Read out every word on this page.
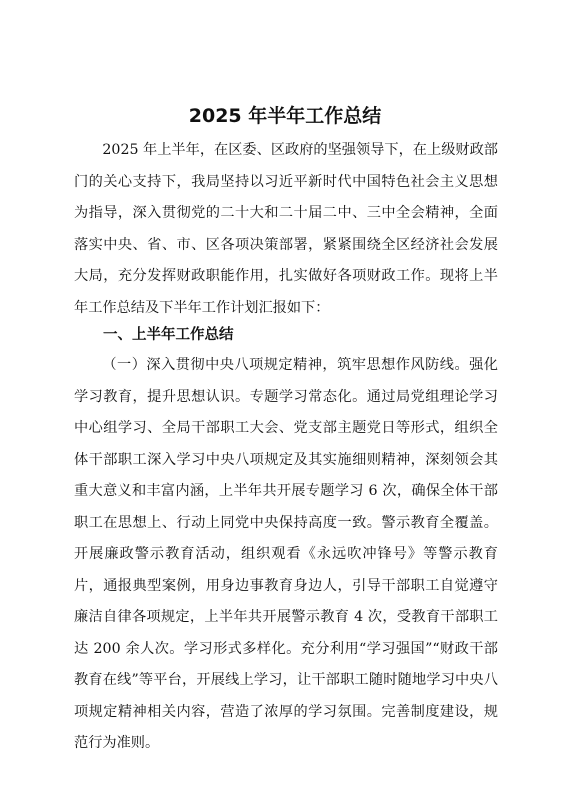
2025 年半年工作总结
2025 年上半年，在区委、区政府的坚强领导下，在上级财政部门的关心支持下，我局坚持以习近平新时代中国特色社会主义思想为指导，深入贯彻党的二十大和二十届二中、三中全会精神，全面落实中央、省、市、区各项决策部署，紧紧围绕全区经济社会发展大局，充分发挥财政职能作用，扎实做好各项财政工作。现将上半年工作总结及下半年工作计划汇报如下：
一、上半年工作总结
（一）深入贯彻中央八项规定精神，筑牢思想作风防线。强化学习教育，提升思想认识。专题学习常态化。通过局党组理论学习中心组学习、全局干部职工大会、党支部主题党日等形式，组织全体干部职工深入学习中央八项规定及其实施细则精神，深刻领会其重大意义和丰富内涵，上半年共开展专题学习 6 次，确保全体干部职工在思想上、行动上同党中央保持高度一致。警示教育全覆盖。开展廉政警示教育活动，组织观看《永远吹冲锋号》等警示教育片，通报典型案例，用身边事教育身边人，引导干部职工自觉遵守廉洁自律各项规定，上半年共开展警示教育 4 次，受教育干部职工达 200 余人次。学习形式多样化。充分利用“学习强国”“财政干部教育在线”等平台，开展线上学习，让干部职工随时随地学习中央八项规定精神相关内容，营造了浓厚的学习氛围。完善制度建设，规范行为准则。
